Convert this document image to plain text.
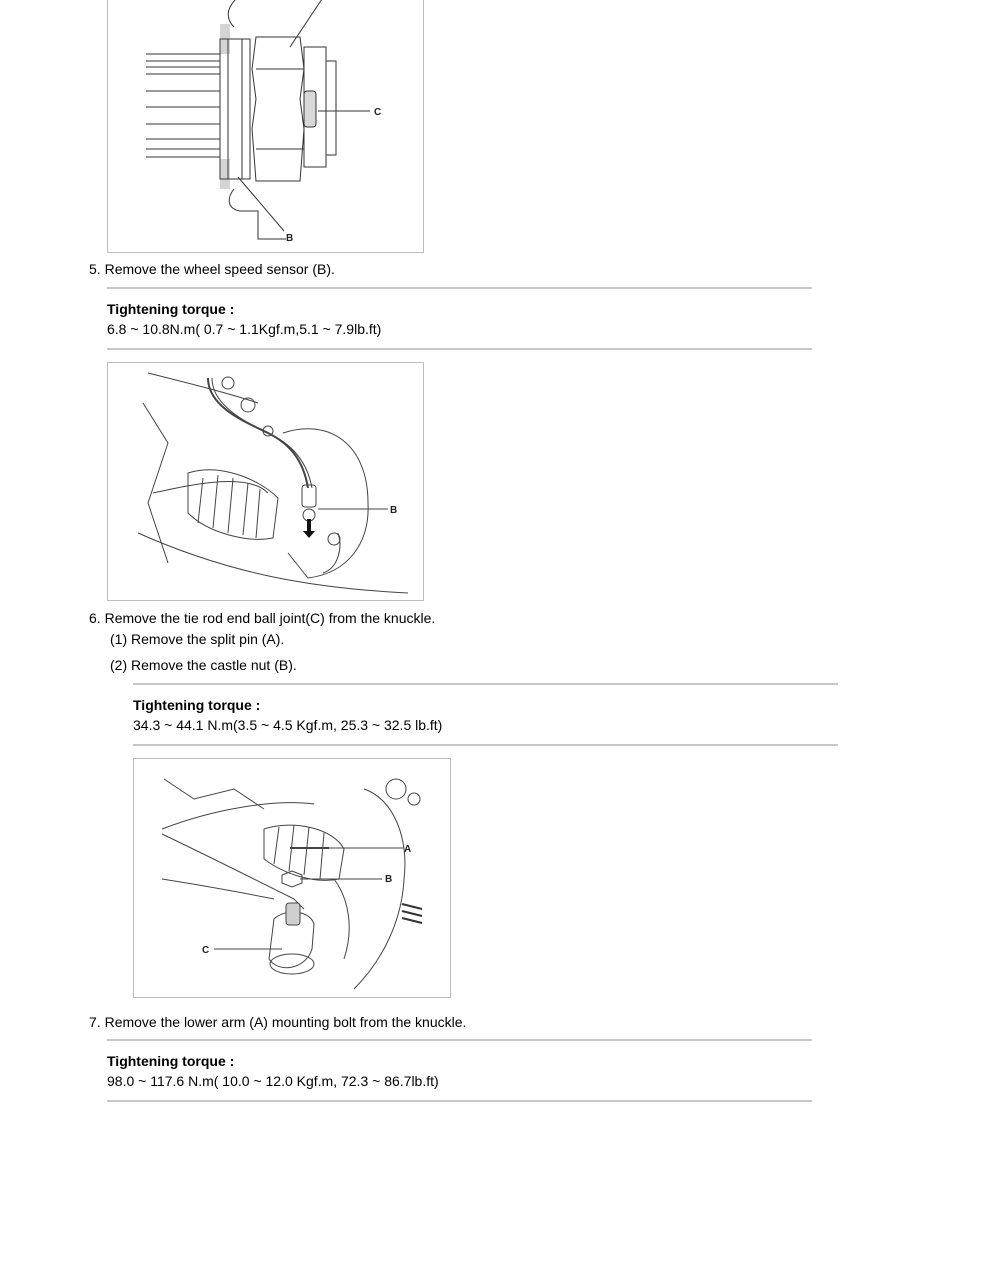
C
B
5. Remove the wheel speed sensor (B).
Tightening torque :
6.8 ~ 10.8N.m( 0.7 ~ 1.1Kgf.m,5.1 ~ 7.9lb.ft)
B
6. Remove the tie rod end ball joint(C) from the knuckle.
(1) Remove the split pin (A).
(2) Remove the castle nut (B).
Tightening torque :
34.3 ~ 44.1 N.m(3.5 ~ 4.5 Kgf.m, 25.3 ~ 32.5 lb.ft)
A
B
C
7. Remove the lower arm (A) mounting bolt from the knuckle.
Tightening torque :
98.0 ~ 117.6 N.m( 10.0 ~ 12.0 Kgf.m, 72.3 ~ 86.7lb.ft)
